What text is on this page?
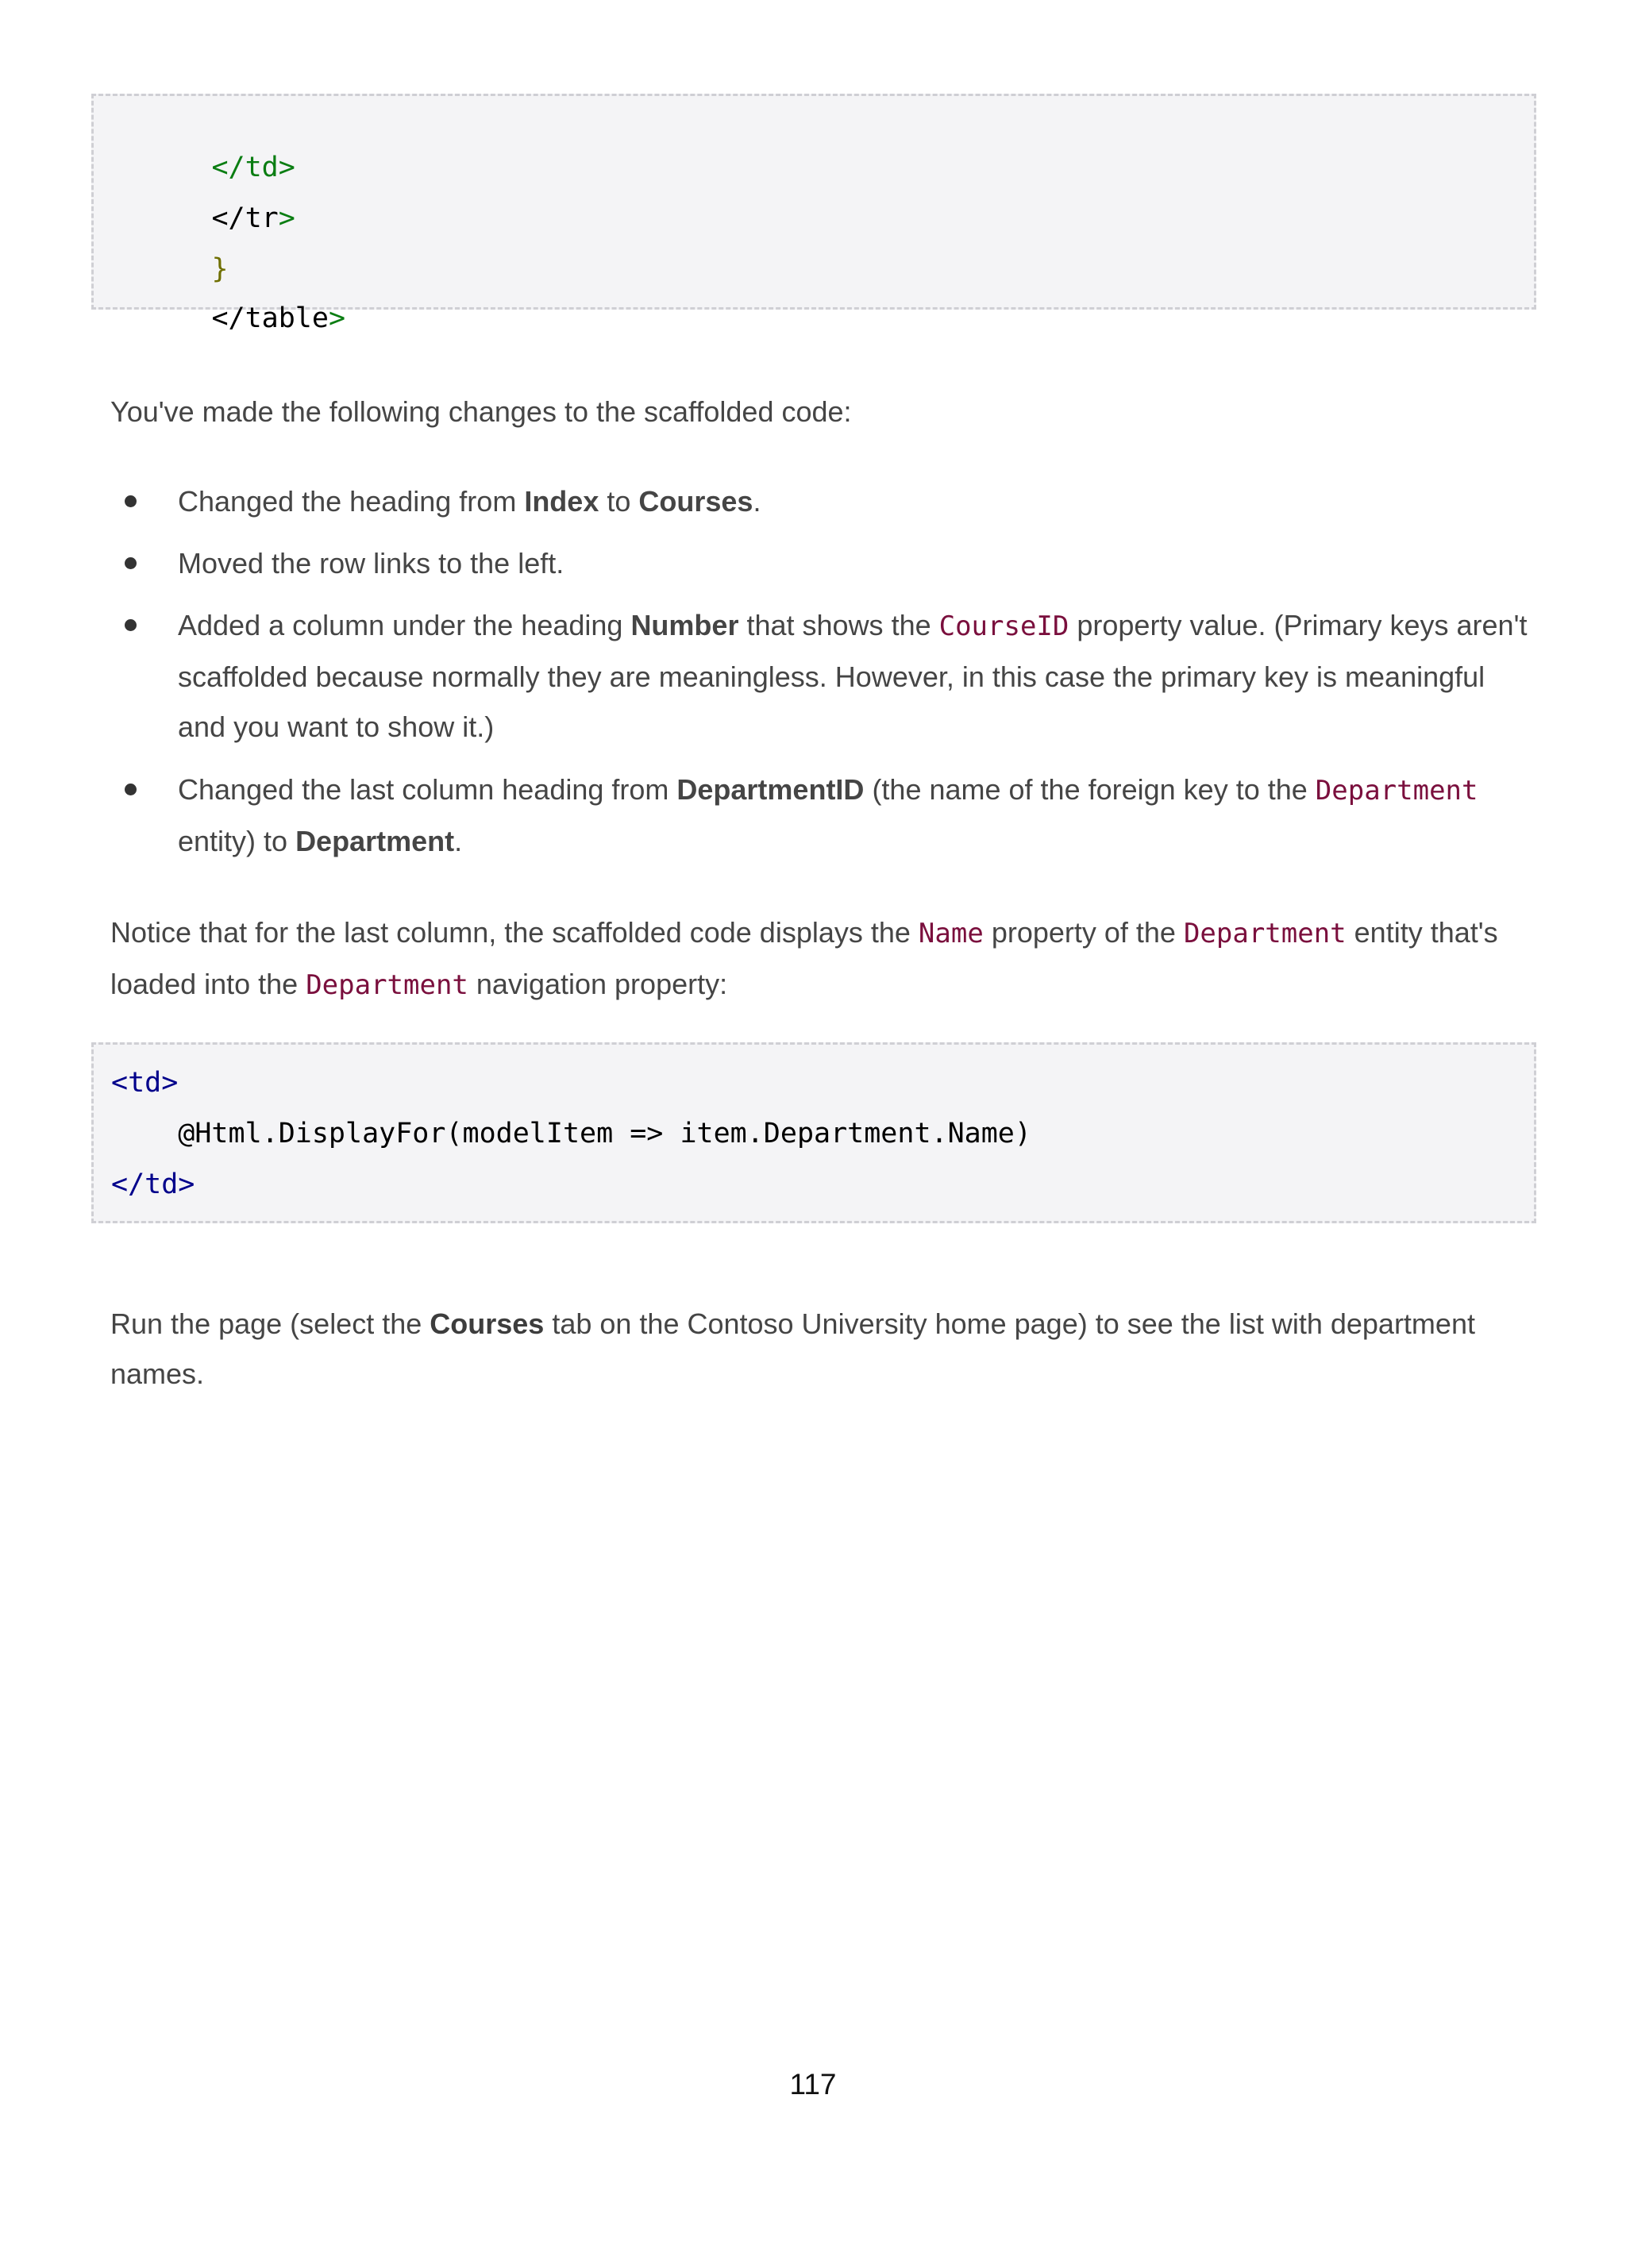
</td>

</tr>

}

</table>

You've made the following changes to the scaffolded code:
Changed the heading from Index to Courses.
Moved the row links to the left.
Added a column under the heading Number that shows the CourseID property value. (Primary keys aren't scaffolded because normally they are meaningless. However, in this case the primary key is meaningful and you want to show it.)
Changed the last column heading from DepartmentID (the name of the foreign key to the Department entity) to Department.
Notice that for the last column, the scaffolded code displays the Name property of the Department entity that's loaded into the Department navigation property:
<td>
@Html.DisplayFor(modelItem => item.Department.Name)
</td>
Run the page (select the Courses tab on the Contoso University home page) to see the list with department names.
117
